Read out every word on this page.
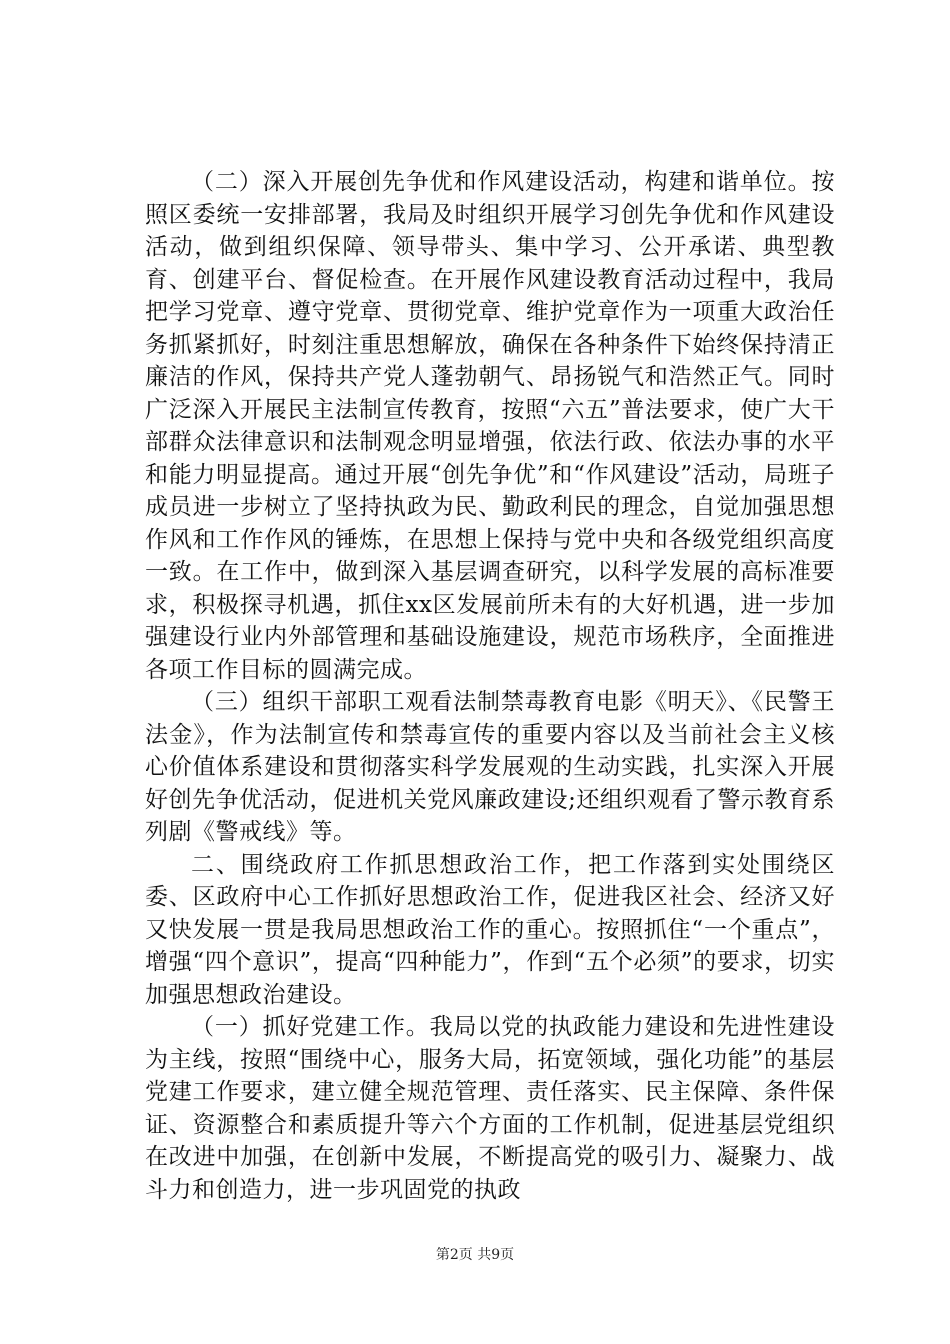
（二）深入开展创先争优和作风建设活动，构建和谐单位。按照区委统一安排部署，我局及时组织开展学习创先争优和作风建设活动，做到组织保障、领导带头、集中学习、公开承诺、典型教育、创建平台、督促检查。在开展作风建设教育活动过程中，我局把学习党章、遵守党章、贯彻党章、维护党章作为一项重大政治任务抓紧抓好，时刻注重思想解放，确保在各种条件下始终保持清正廉洁的作风，保持共产党人蓬勃朝气、昂扬锐气和浩然正气。同时广泛深入开展民主法制宣传教育，按照“六五”普法要求，使广大干部群众法律意识和法制观念明显增强，依法行政、依法办事的水平和能力明显提高。通过开展“创先争优”和“作风建设”活动，局班子成员进一步树立了坚持执政为民、勤政利民的理念，自觉加强思想作风和工作作风的锤炼，在思想上保持与党中央和各级党组织高度一致。在工作中，做到深入基层调查研究，以科学发展的高标准要求，积极探寻机遇，抓住xx区发展前所未有的大好机遇，进一步加强建设行业内外部管理和基础设施建设，规范市场秩序，全面推进各项工作目标的圆满完成。

（三）组织干部职工观看法制禁毒教育电影《明天》、《民警王法金》，作为法制宣传和禁毒宣传的重要内容以及当前社会主义核心价值体系建设和贯彻落实科学发展观的生动实践，扎实深入开展好创先争优活动，促进机关党风廉政建设;还组织观看了警示教育系列剧《警戒线》等。

二、围绕政府工作抓思想政治工作，把工作落到实处围绕区委、区政府中心工作抓好思想政治工作，促进我区社会、经济又好又快发展一贯是我局思想政治工作的重心。按照抓住“一个重点”，增强“四个意识”，提高“四种能力”，作到“五个必须”的要求，切实加强思想政治建设。

（一）抓好党建工作。我局以党的执政能力建设和先进性建设为主线，按照“围绕中心，服务大局，拓宽领域，强化功能”的基层党建工作要求，建立健全规范管理、责任落实、民主保障、条件保证、资源整合和素质提升等六个方面的工作机制，促进基层党组织在改进中加强，在创新中发展，不断提高党的吸引力、凝聚力、战斗力和创造力，进一步巩固党的执政

第2页 共9页
